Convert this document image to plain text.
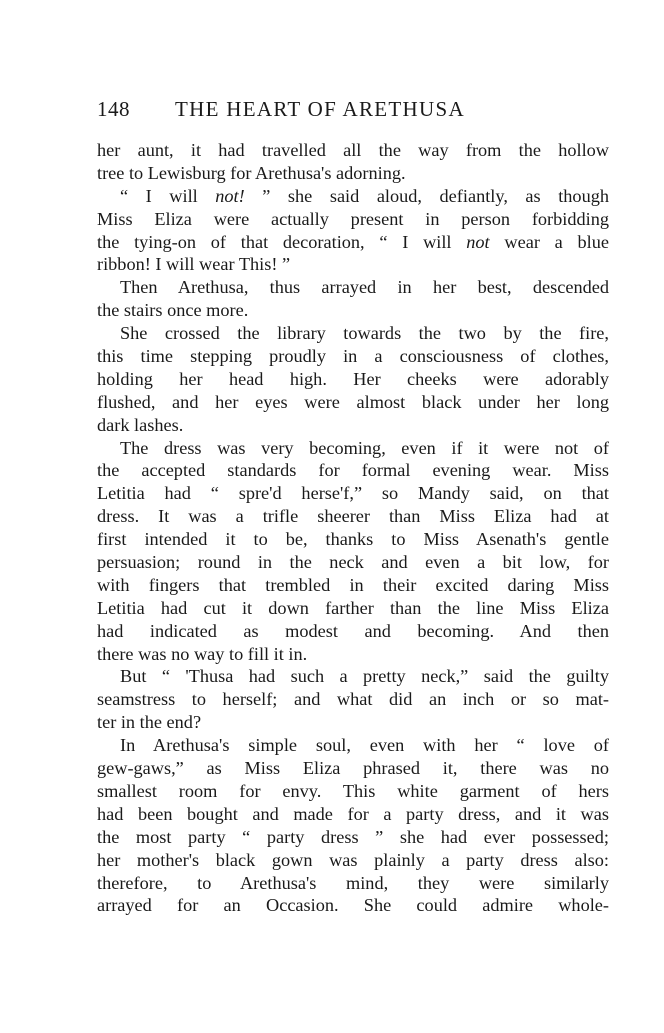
148 THE HEART OF ARETHUSA
her aunt, it had travelled all the way from the hollow
tree to Lewisburg for Arethusa's adorning.
“ I will not! ” she said aloud, defiantly, as though
Miss Eliza were actually present in person forbidding
the tying-on of that decoration, “ I will not wear a blue
ribbon! I will wear This! ”
Then Arethusa, thus arrayed in her best, descended
the stairs once more.
She crossed the library towards the two by the fire,
this time stepping proudly in a consciousness of clothes,
holding her head high. Her cheeks were adorably
flushed, and her eyes were almost black under her long
dark lashes.
The dress was very becoming, even if it were not of
the accepted standards for formal evening wear. Miss
Letitia had “ spre'd herse'f,” so Mandy said, on that
dress. It was a trifle sheerer than Miss Eliza had at
first intended it to be, thanks to Miss Asenath's gentle
persuasion; round in the neck and even a bit low, for
with fingers that trembled in their excited daring Miss
Letitia had cut it down farther than the line Miss Eliza
had indicated as modest and becoming. And then
there was no way to fill it in.
But “ 'Thusa had such a pretty neck,” said the guilty
seamstress to herself; and what did an inch or so mat-
ter in the end?
In Arethusa's simple soul, even with her “ love of
gew-gaws,” as Miss Eliza phrased it, there was no
smallest room for envy. This white garment of hers
had been bought and made for a party dress, and it was
the most party “ party dress ” she had ever possessed;
her mother's black gown was plainly a party dress also:
therefore, to Arethusa's mind, they were similarly
arrayed for an Occasion. She could admire whole-
